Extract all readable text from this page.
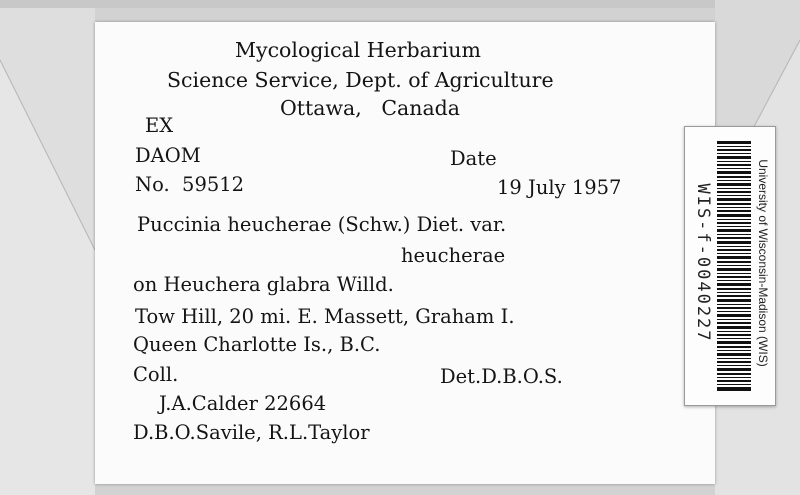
Mycological Herbarium
Science Service, Dept. of Agriculture
Ottawa,   Canada
EX
DAOM	Date
No.  59512	19 July 1957
Puccinia heucherae (Schw.) Diet. var.
heucherae
on Heuchera glabra Willd.
Tow Hill, 20 mi. E. Massett, Graham I.
Queen Charlotte Is., B.C.
Coll.	Det.D.B.O.S.
J.A.Calder 22664
D.B.O.Savile, R.L.Taylor
WIS-f-0040227	University of Wisconsin-Madison (WIS)
